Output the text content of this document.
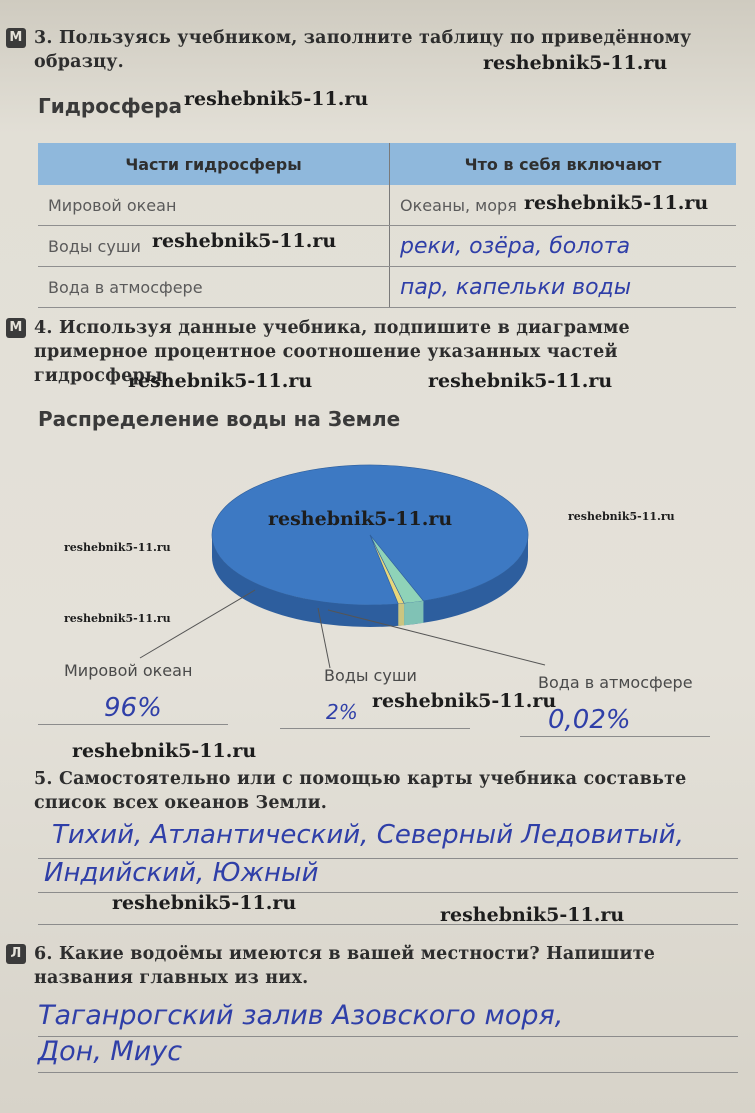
M 3. Пользуясь учебником, заполните таблицу по приведённому образцу.
Гидросфера
Части гидросферы	Что в себя включают
Мировой океан	Океаны, моря
Воды суши	реки, озёра, болота
Вода в атмосфере	пар, капельки воды
M 4. Используя данные учебника, подпишите в диаграмме примерное процентное соотношение указанных частей гидросферы.
Распределение воды на Земле
Мировой океан	Воды суши	Вода в атмосфере
96%	2%	0,02%
5. Самостоятельно или с помощью карты учебника составьте список всех океанов Земли.
Тихий, Атлантический, Северный Ледовитый,
Индийский, Южный
Л 6. Какие водоёмы имеются в вашей местности? Напишите названия главных из них.
Таганрогский залив Азовского моря,
Дон, Миус
reshebnik5-11.ru
reshebnik5-11.ru
reshebnik5-11.ru
reshebnik5-11.ru
reshebnik5-11.ru	reshebnik5-11.ru
reshebnik5-11.ru	reshebnik5-11.ru
reshebnik5-11.ru
reshebnik5-11.ru
reshebnik5-11.ru
reshebnik5-11.ru
reshebnik5-11.ru
reshebnik5-11.ru
